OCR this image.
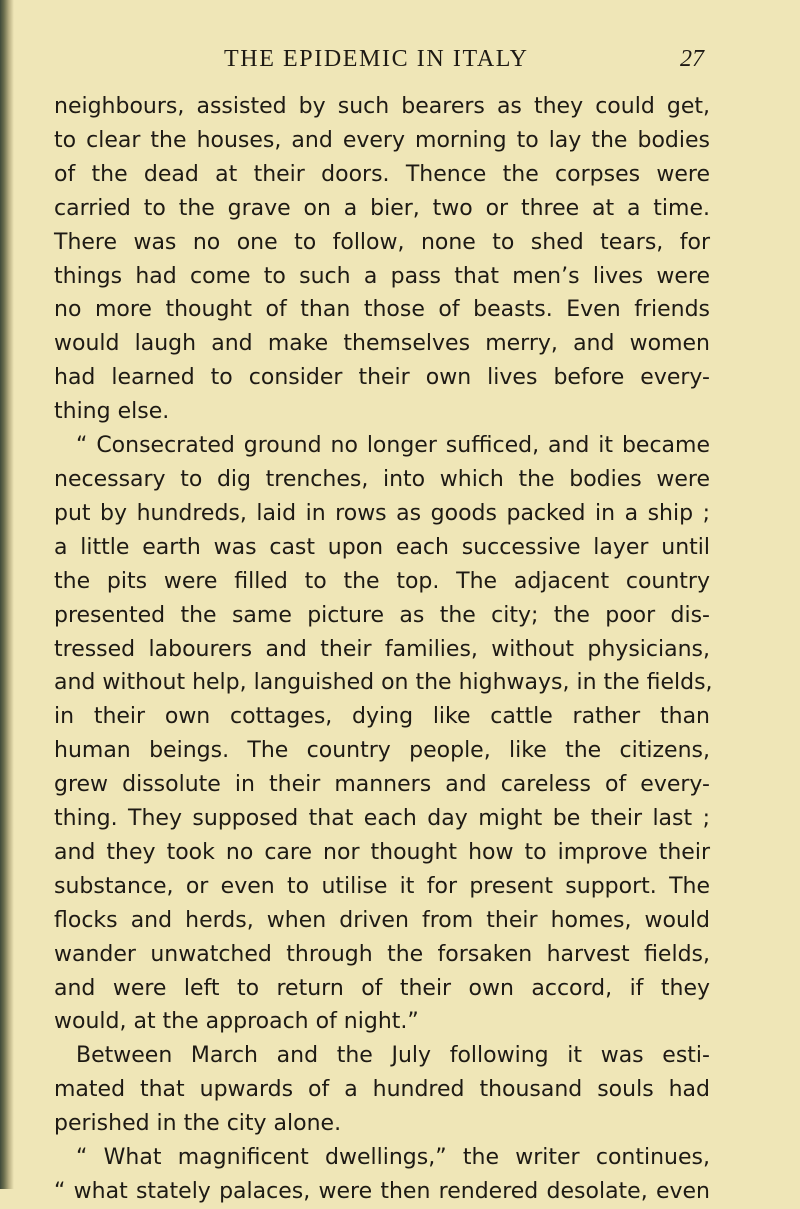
THE EPIDEMIC IN ITALY	27
neighbours, assisted by such bearers as they could get,
to clear the houses, and every morning to lay the bodies
of the dead at their doors. Thence the corpses were
carried to the grave on a bier, two or three at a time.
There was no one to follow, none to shed tears, for
things had come to such a pass that men’s lives were
no more thought of than those of beasts. Even friends
would laugh and make themselves merry, and women
had learned to consider their own lives before every-
thing else.
“ Consecrated ground no longer sufficed, and it became
necessary to dig trenches, into which the bodies were
put by hundreds, laid in rows as goods packed in a ship ;
a little earth was cast upon each successive layer until
the pits were filled to the top. The adjacent country
presented the same picture as the city; the poor dis-
tressed labourers and their families, without physicians,
and without help, languished on the highways, in the fields,
in their own cottages, dying like cattle rather than
human beings. The country people, like the citizens,
grew dissolute in their manners and careless of every-
thing. They supposed that each day might be their last ;
and they took no care nor thought how to improve their
substance, or even to utilise it for present support. The
flocks and herds, when driven from their homes, would
wander unwatched through the forsaken harvest fields,
and were left to return of their own accord, if they
would, at the approach of night.”
Between March and the July following it was esti-
mated that upwards of a hundred thousand souls had
perished in the city alone.
“ What magnificent dwellings,” the writer continues,
“ what stately palaces, were then rendered desolate, even
